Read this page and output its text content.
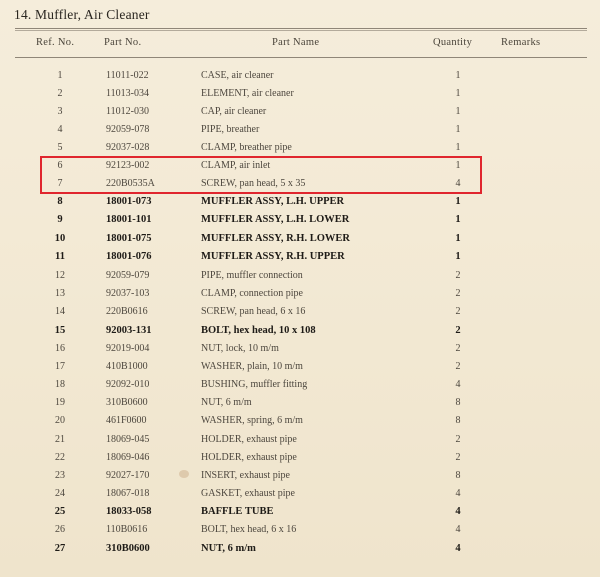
14. Muffler, Air Cleaner
Ref. No.	Part No.	Part Name	Quantity	Remarks
1	11011-022	CASE, air cleaner	1
2	11013-034	ELEMENT, air cleaner	1
3	11012-030	CAP, air cleaner	1
4	92059-078	PIPE, breather	1
5	92037-028	CLAMP, breather pipe	1
6	92123-002	CLAMP, air inlet	1
7	220B0535A	SCREW, pan head, 5 x 35	4
8	18001-073	MUFFLER ASSY, L.H. UPPER	1
9	18001-101	MUFFLER ASSY, L.H. LOWER	1
10	18001-075	MUFFLER ASSY, R.H. LOWER	1
11	18001-076	MUFFLER ASSY, R.H. UPPER	1
12	92059-079	PIPE, muffler connection	2
13	92037-103	CLAMP, connection pipe	2
14	220B0616	SCREW, pan head, 6 x 16	2
15	92003-131	BOLT, hex head, 10 x 108	2
16	92019-004	NUT, lock, 10 m/m	2
17	410B1000	WASHER, plain, 10 m/m	2
18	92092-010	BUSHING, muffler fitting	4
19	310B0600	NUT, 6 m/m	8
20	461F0600	WASHER, spring, 6 m/m	8
21	18069-045	HOLDER, exhaust pipe	2
22	18069-046	HOLDER, exhaust pipe	2
23	92027-170	INSERT, exhaust pipe	8
24	18067-018	GASKET, exhaust pipe	4
25	18033-058	BAFFLE TUBE	4
26	110B0616	BOLT, hex head, 6 x 16	4
27	310B0600	NUT, 6 m/m	4
